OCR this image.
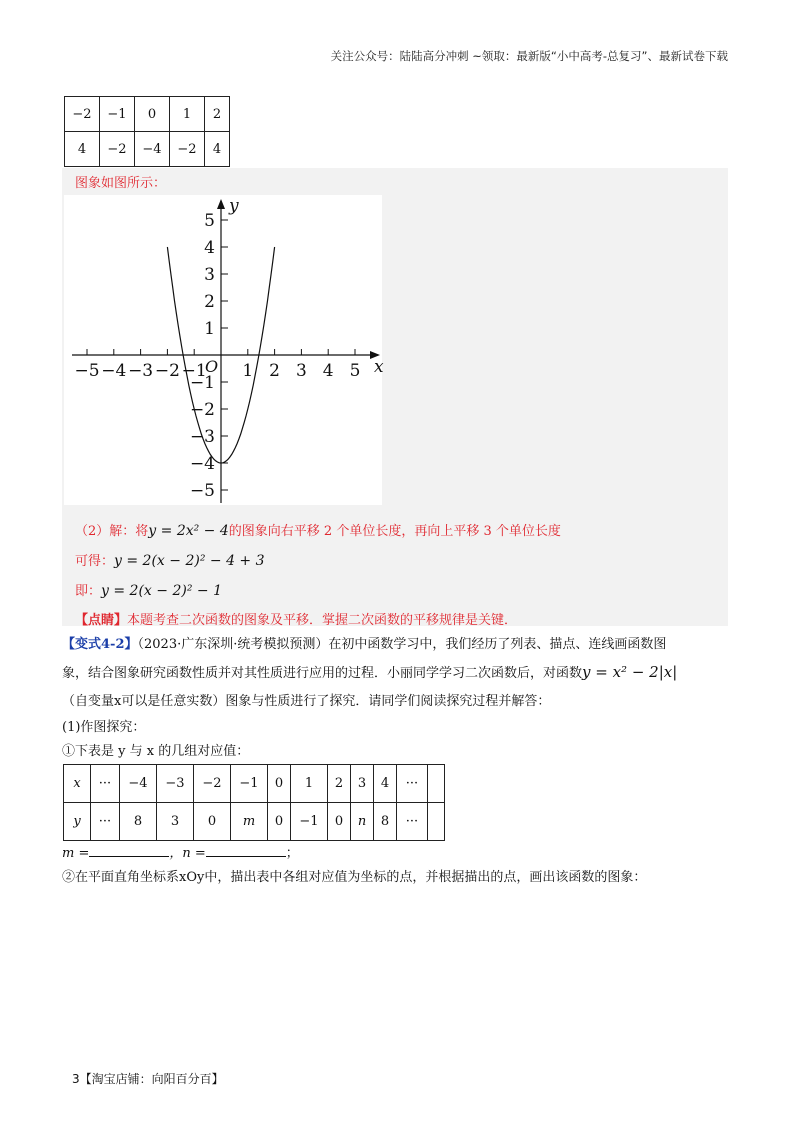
关注公众号：陆陆高分冲刺 ~领取：最新版“小中高考-总复习”、最新试卷下载
−2	−1	0	1	2
4	−2	−4	−2	4
图象如图所示：
−5 −4 −3 −2 −1 1 2 3 4 5
5
4
3
2
1
−1
−2
−3
−4
−5
x
y
O
（2）解：将y = 2x² − 4的图象向右平移 2 个单位长度，再向上平移 3 个单位长度
可得：y = 2(x − 2)² − 4 + 3
即：y = 2(x − 2)² − 1
【点睛】本题考查二次函数的图象及平移．掌握二次函数的平移规律是关键．
【变式4-2】（2023·广东深圳·统考模拟预测）在初中函数学习中，我们经历了列表、描点、连线画函数图
象，结合图象研究函数性质并对其性质进行应用的过程．小丽同学学习二次函数后，对函数y = x² − 2|x|
（自变量x可以是任意实数）图象与性质进行了探究．请同学们阅读探究过程并解答：
(1)作图探究：
①下表是 y 与 x 的几组对应值：
x	···	−4	−3	−2	−1	0	1	2	3	4	···	
y	···	8	3	0	m	0	−1	0	n	8	···	
m =	，n =	；
②在平面直角坐标系xOy中，描出表中各组对应值为坐标的点，并根据描出的点，画出该函数的图象：
3【淘宝店铺：向阳百分百】
